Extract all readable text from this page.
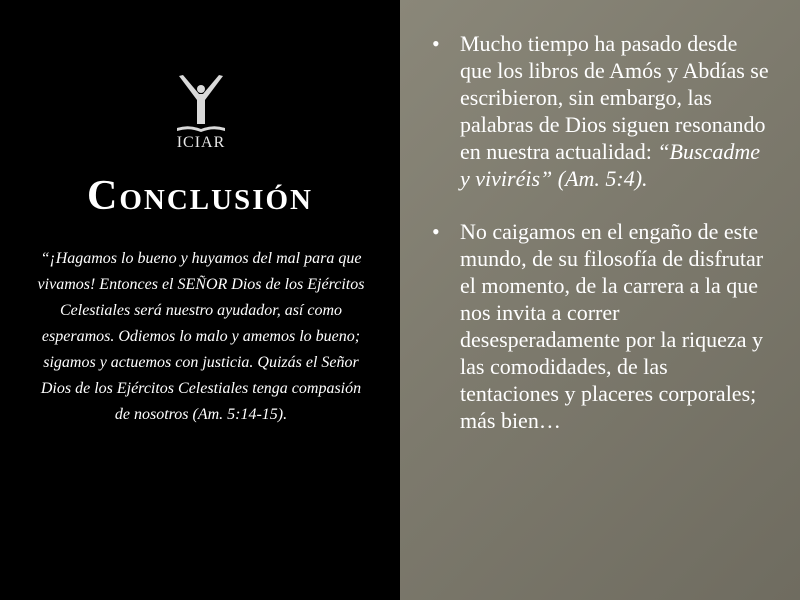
ICIAR
Conclusión

“¡Hagamos lo bueno y huyamos del mal para que vivamos! Entonces el SEÑOR Dios de los Ejércitos Celestiales será nuestro ayudador, así como esperamos. Odiemos lo malo y amemos lo bueno; sigamos y actuemos con justicia. Quizás el Señor Dios de los Ejércitos Celestiales tenga compasión de nosotros (Am. 5:14-15).

• Mucho tiempo ha pasado desde que los libros de Amós y Abdías se escribieron, sin embargo, las palabras de Dios siguen resonando en nuestra actualidad: “Buscadme y viviréis” (Am. 5:4).
• No caigamos en el engaño de este mundo, de su filosofía de disfrutar el momento, de la carrera a la que nos invita a correr desesperadamente por la riqueza y las comodidades, de las tentaciones y placeres corporales; más bien…
